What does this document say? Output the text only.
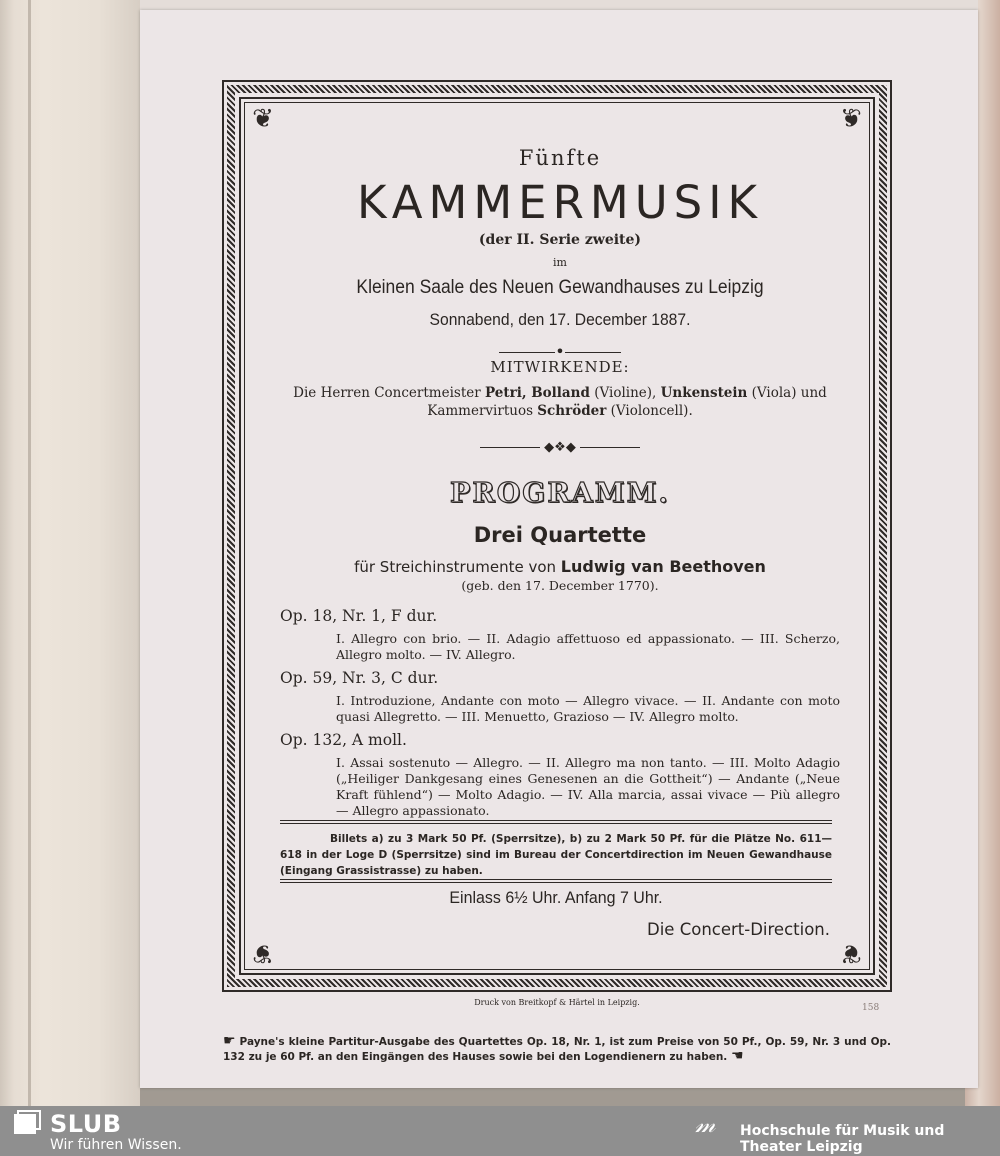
❦	❦
❦	❦
Fünfte
KAMMERMUSIK
(der II. Serie zweite)
im
Kleinen Saale des Neuen Gewandhauses zu Leipzig
Sonnabend, den 17. December 1887.
•
MITWIRKENDE:
Die Herren Concertmeister Petri, Bolland (Violine), Unkenstein (Viola) und
Kammervirtuos Schröder (Violoncell).
◆❖◆
PROGRAMM.
Drei Quartette
für Streichinstrumente von Ludwig van Beethoven
(geb. den 17. December 1770).
Op. 18, Nr. 1, F dur.
I. Allegro con brio. — II. Adagio affettuoso ed appassionato. — III. Scherzo, Allegro molto. — IV. Allegro.
Op. 59, Nr. 3, C dur.
I. Introduzione, Andante con moto — Allegro vivace. — II. Andante con moto quasi Allegretto. — III. Menuetto, Grazioso — IV. Allegro molto.
Op. 132, A moll.
I. Assai sostenuto — Allegro. — II. Allegro ma non tanto. — III. Molto Adagio („Heiliger Dankgesang eines Genesenen an die Gottheit“) — Andante („Neue Kraft fühlend“) — Molto Adagio. — IV. Alla marcia, assai vivace — Più allegro — Allegro appassionato.

Billets a) zu 3 Mark 50 Pf. (Sperrsitze), b) zu 2 Mark 50 Pf. für die Plätze No. 611—618 in der Loge D (Sperrsitze) sind im Bureau der Concertdirection im Neuen Gewandhause (Eingang Grassistrasse) zu haben.

Einlass 6½ Uhr. Anfang 7 Uhr.
Die Concert-Direction.
Druck von Breitkopf & Härtel in Leipzig.
158
☛ Payne's kleine Partitur-Ausgabe des Quartettes Op. 18, Nr. 1, ist zum Preise von 50 Pf., Op. 59, Nr. 3 und Op. 132 zu je 60 Pf. an den Eingängen des Hauses sowie bei den Logendienern zu haben. ☚
SLUB
Wir führen Wissen.
𝓂	Hochschule für Musik und Theater Leipzig
